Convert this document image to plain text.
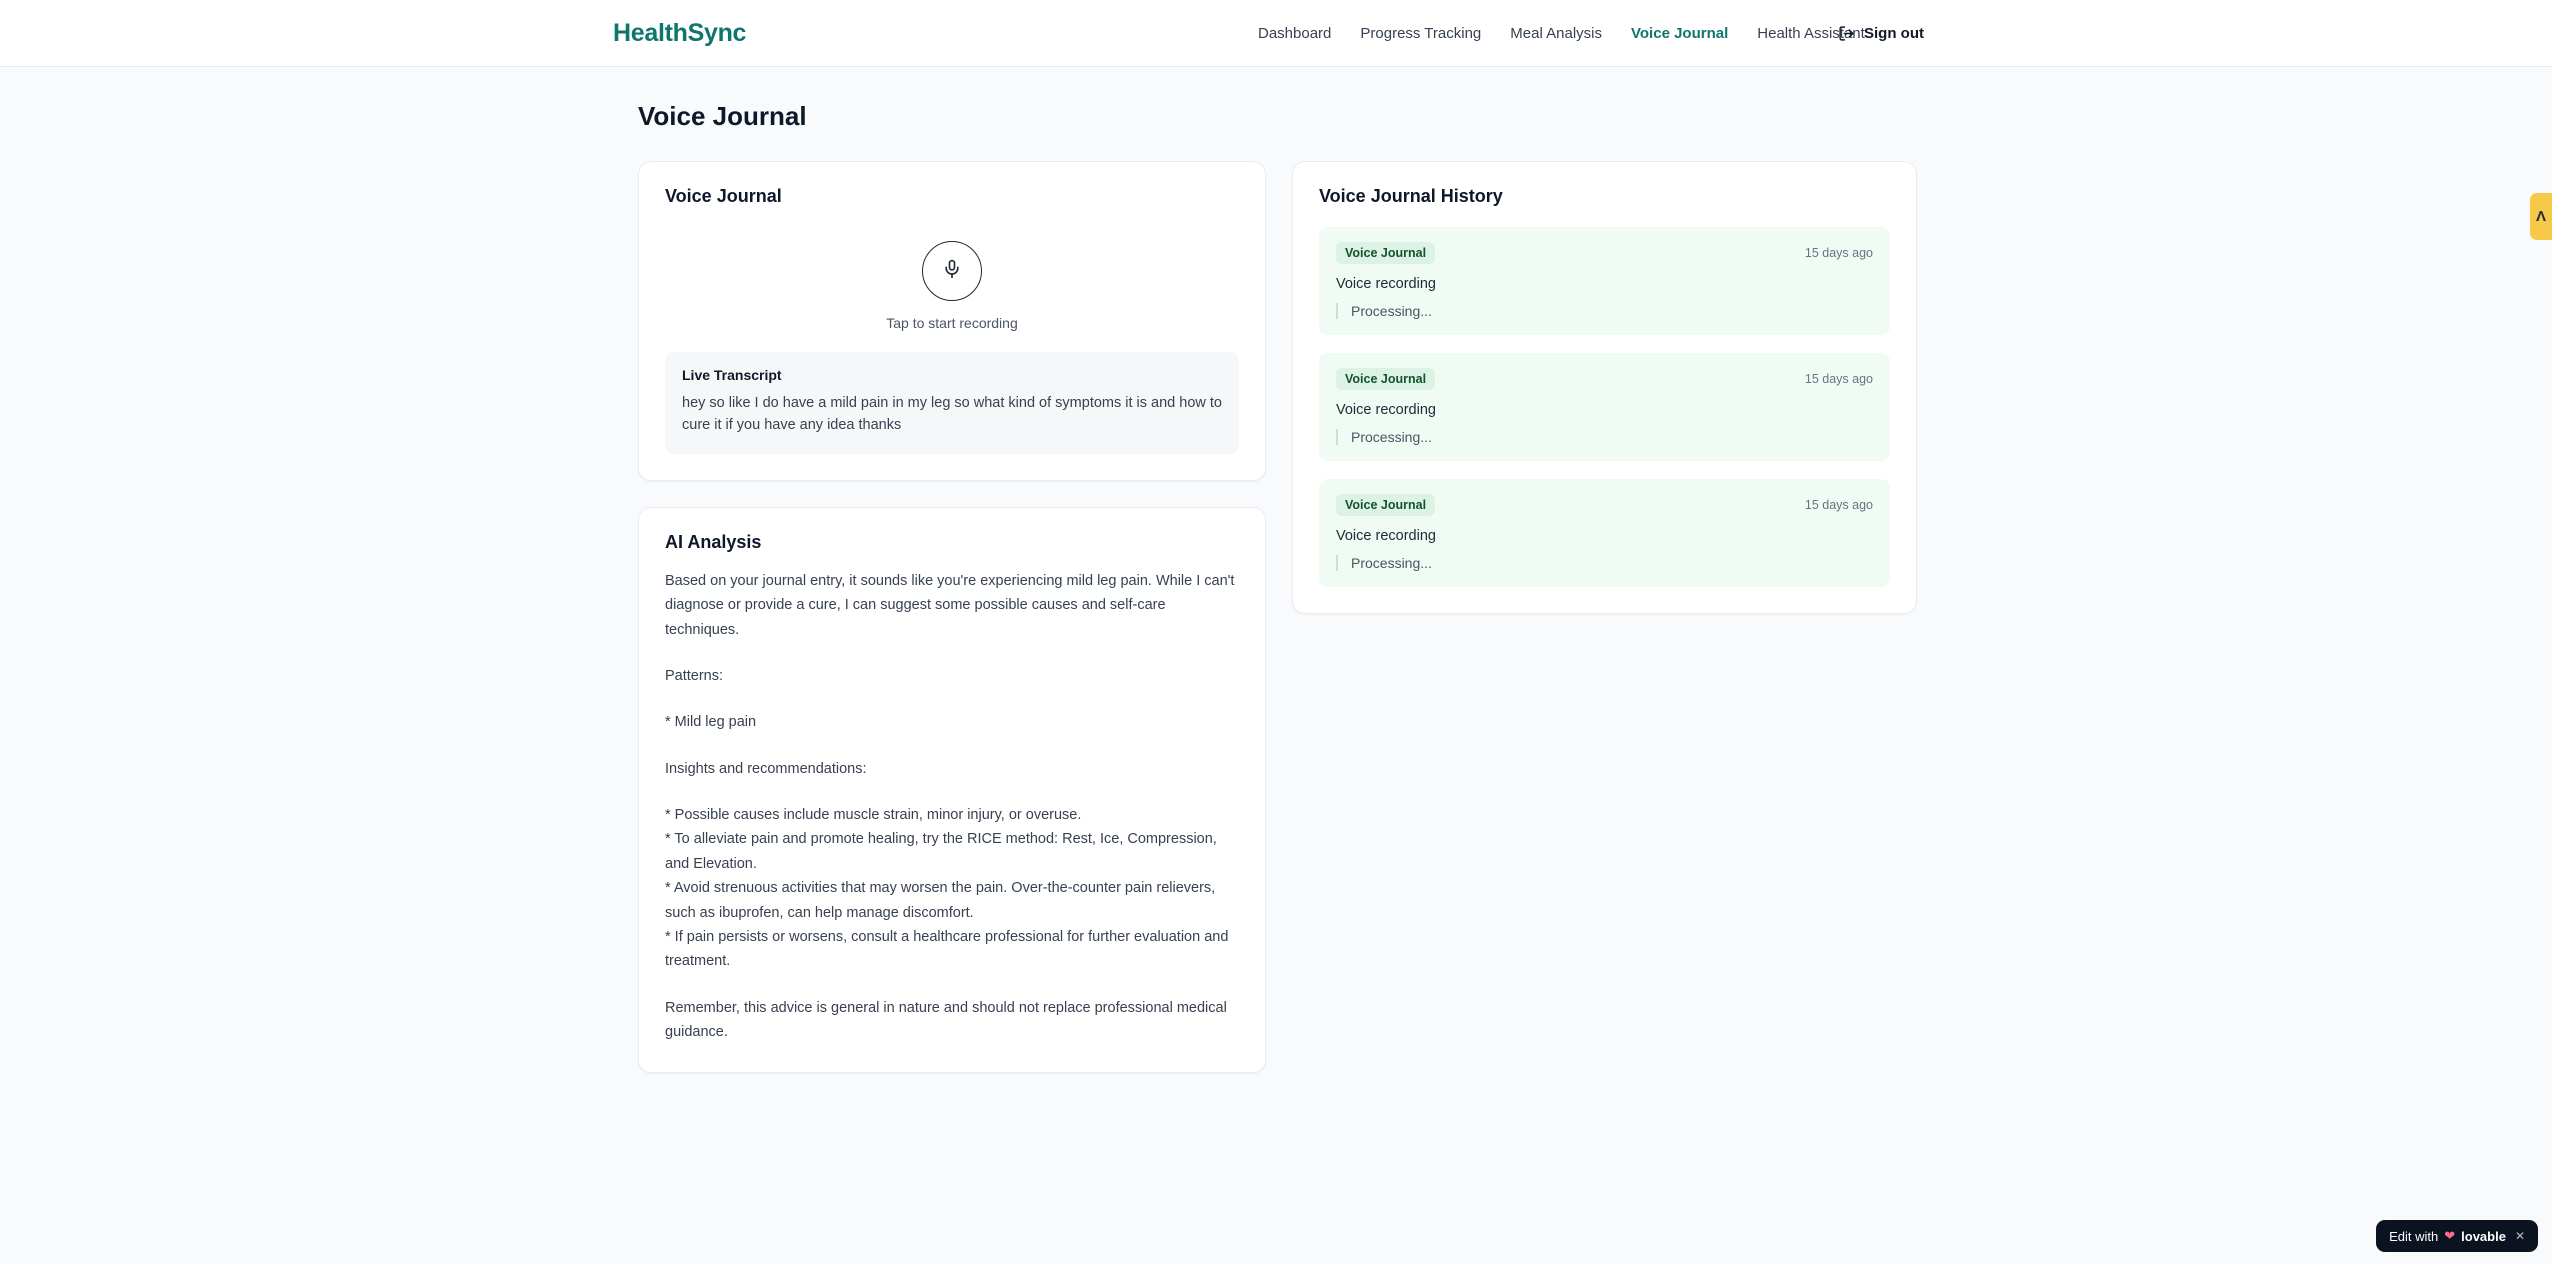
HealthSync	Dashboard Progress Tracking Meal Analysis Voice Journal Health Assistant Sign out
Voice Journal
Voice Journal
Tap to start recording
Live Transcript
hey so like I do have a mild pain in my leg so what kind of symptoms it is and how to cure it if you have any idea thanks
AI Analysis

Based on your journal entry, it sounds like you're experiencing mild leg pain. While I can't diagnose or provide a cure, I can suggest some possible causes and self-care techniques.

Patterns:

* Mild leg pain

Insights and recommendations:

* Possible causes include muscle strain, minor injury, or overuse.
* To alleviate pain and promote healing, try the RICE method: Rest, Ice, Compression, and Elevation.
* Avoid strenuous activities that may worsen the pain. Over-the-counter pain relievers, such as ibuprofen, can help manage discomfort.
* If pain persists or worsens, consult a healthcare professional for further evaluation and treatment.

Remember, this advice is general in nature and should not replace professional medical guidance.

Voice Journal History
Voice Journal	15 days ago
Voice recording
Processing...
Voice Journal	15 days ago
Voice recording
Processing...
Voice Journal	15 days ago
Voice recording
Processing...
Λ
Edit with ❤ lovable ✕
